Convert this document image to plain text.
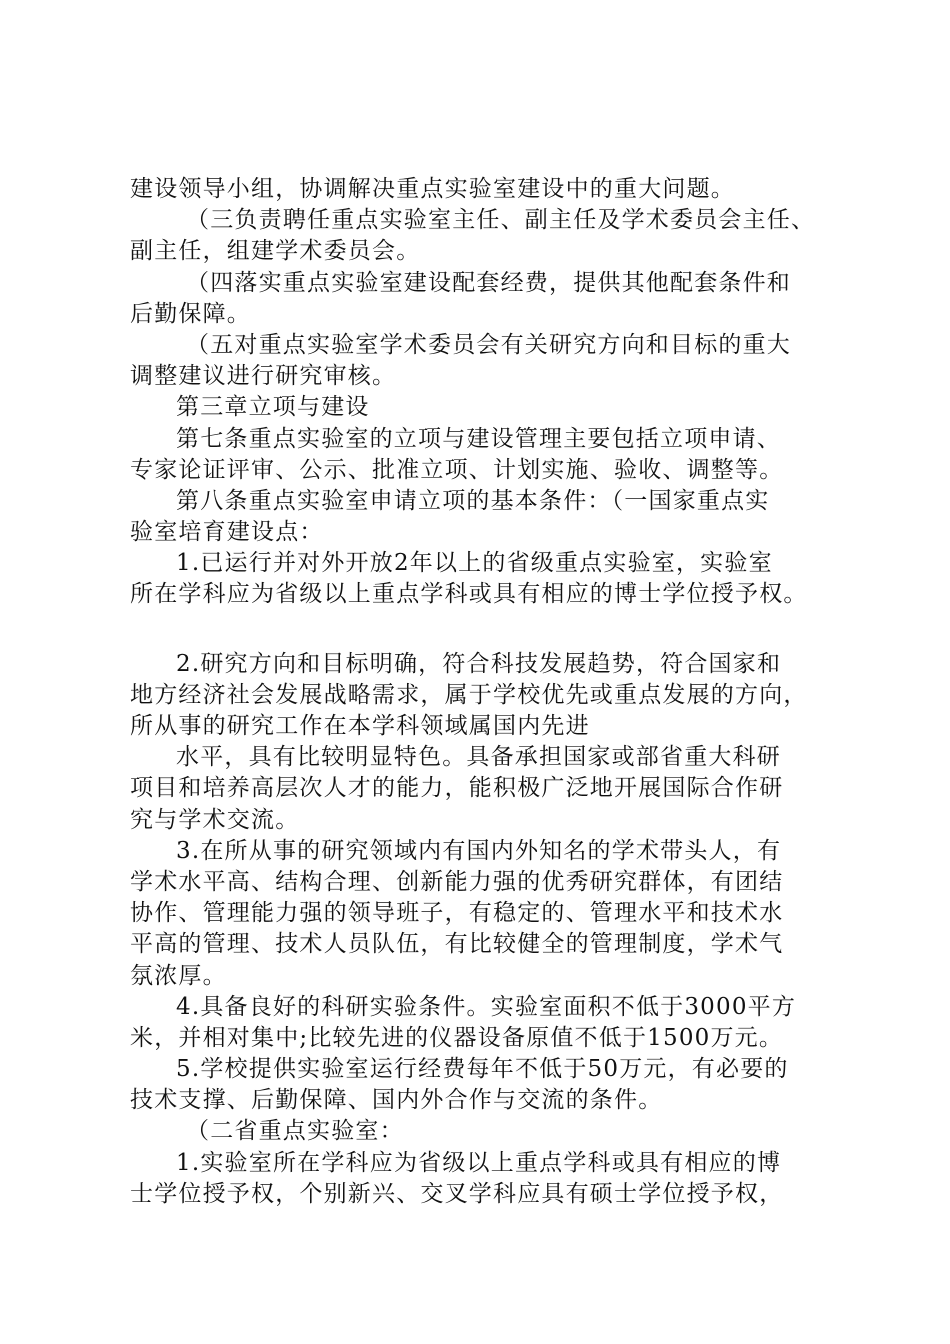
建设领导小组，协调解决重点实验室建设中的重大问题。
（三负责聘任重点实验室主任、副主任及学术委员会主任、
副主任，组建学术委员会。
（四落实重点实验室建设配套经费，提供其他配套条件和
后勤保障。
（五对重点实验室学术委员会有关研究方向和目标的重大
调整建议进行研究审核。
第三章立项与建设
第七条重点实验室的立项与建设管理主要包括立项申请、
专家论证评审、公示、批准立项、计划实施、验收、调整等。
第八条重点实验室申请立项的基本条件：（一国家重点实
验室培育建设点：
1.已运行并对外开放2年以上的省级重点实验室，实验室
所在学科应为省级以上重点学科或具有相应的博士学位授予权。
2.研究方向和目标明确，符合科技发展趋势，符合国家和
地方经济社会发展战略需求，属于学校优先或重点发展的方向，
所从事的研究工作在本学科领域属国内先进
水平，具有比较明显特色。具备承担国家或部省重大科研
项目和培养高层次人才的能力，能积极广泛地开展国际合作研
究与学术交流。
3.在所从事的研究领域内有国内外知名的学术带头人，有
学术水平高、结构合理、创新能力强的优秀研究群体，有团结
协作、管理能力强的领导班子，有稳定的、管理水平和技术水
平高的管理、技术人员队伍，有比较健全的管理制度，学术气
氛浓厚。
4.具备良好的科研实验条件。实验室面积不低于3000平方
米，并相对集中;比较先进的仪器设备原值不低于1500万元。
5.学校提供实验室运行经费每年不低于50万元，有必要的
技术支撑、后勤保障、国内外合作与交流的条件。
（二省重点实验室：
1.实验室所在学科应为省级以上重点学科或具有相应的博
士学位授予权，个别新兴、交叉学科应具有硕士学位授予权，
